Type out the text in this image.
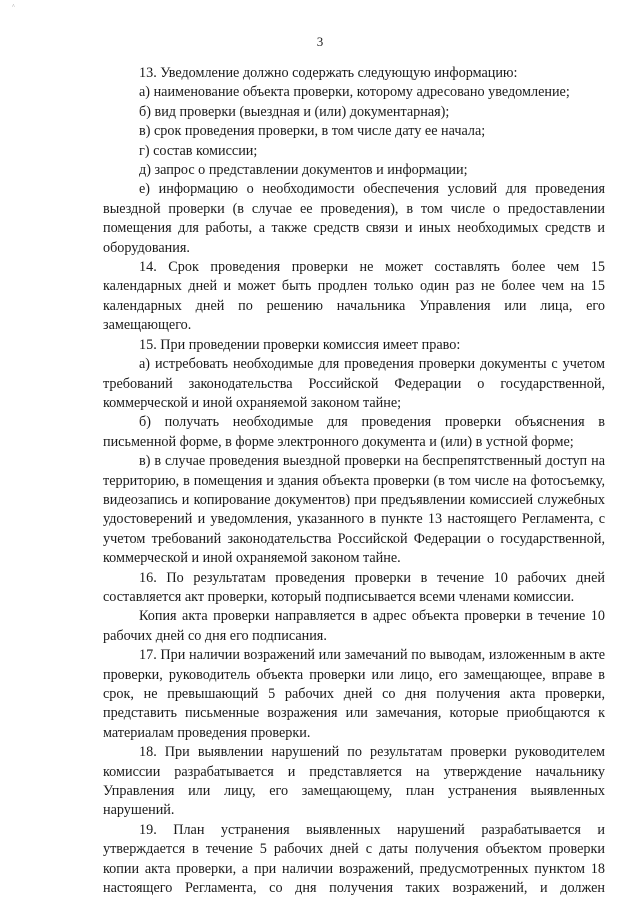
^
3

13. Уведомление должно содержать следующую информацию:

а) наименование объекта проверки, которому адресовано уведомление;

б) вид проверки (выездная и (или) документарная);

в) срок проведения проверки, в том числе дату ее начала;

г) состав комиссии;

д) запрос о представлении документов и информации;

е) информацию о необходимости обеспечения условий для проведения выездной проверки (в случае ее проведения), в том числе о предоставлении помещения для работы, а также средств связи и иных необходимых средств и оборудования.

14. Срок проведения проверки не может составлять более чем 15 календарных дней и может быть продлен только один раз не более чем на 15 календарных дней по решению начальника Управления или лица, его замещающего.

15. При проведении проверки комиссия имеет право:

а) истребовать необходимые для проведения проверки документы с учетом требований законодательства Российской Федерации о государственной, коммерческой и иной охраняемой законом тайне;

б) получать необходимые для проведения проверки объяснения в письменной форме, в форме электронного документа и (или) в устной форме;

в) в случае проведения выездной проверки на беспрепятственный доступ на территорию, в помещения и здания объекта проверки (в том числе на фотосъемку, видеозапись и копирование документов) при предъявлении комиссией служебных удостоверений и уведомления, указанного в пункте 13 настоящего Регламента, с учетом требований законодательства Российской Федерации о государственной, коммерческой и иной охраняемой законом тайне.

16. По результатам проведения проверки в течение 10 рабочих дней составляется акт проверки, который подписывается всеми членами комиссии.

Копия акта проверки направляется в адрес объекта проверки в течение 10 рабочих дней со дня его подписания.

17. При наличии возражений или замечаний по выводам, изложенным в акте проверки, руководитель объекта проверки или лицо, его замещающее, вправе в срок, не превышающий 5 рабочих дней со дня получения акта проверки, представить письменные возражения или замечания, которые приобщаются к материалам проведения проверки.

18. При выявлении нарушений по результатам проверки руководителем комиссии разрабатывается и представляется на утверждение начальнику Управления или лицу, его замещающему, план устранения выявленных нарушений.

19. План устранения выявленных нарушений разрабатывается и утверждается в течение 5 рабочих дней с даты получения объектом проверки копии акта проверки, а при наличии возражений, предусмотренных пунктом 18 настоящего Регламента, со дня получения таких возражений, и должен
